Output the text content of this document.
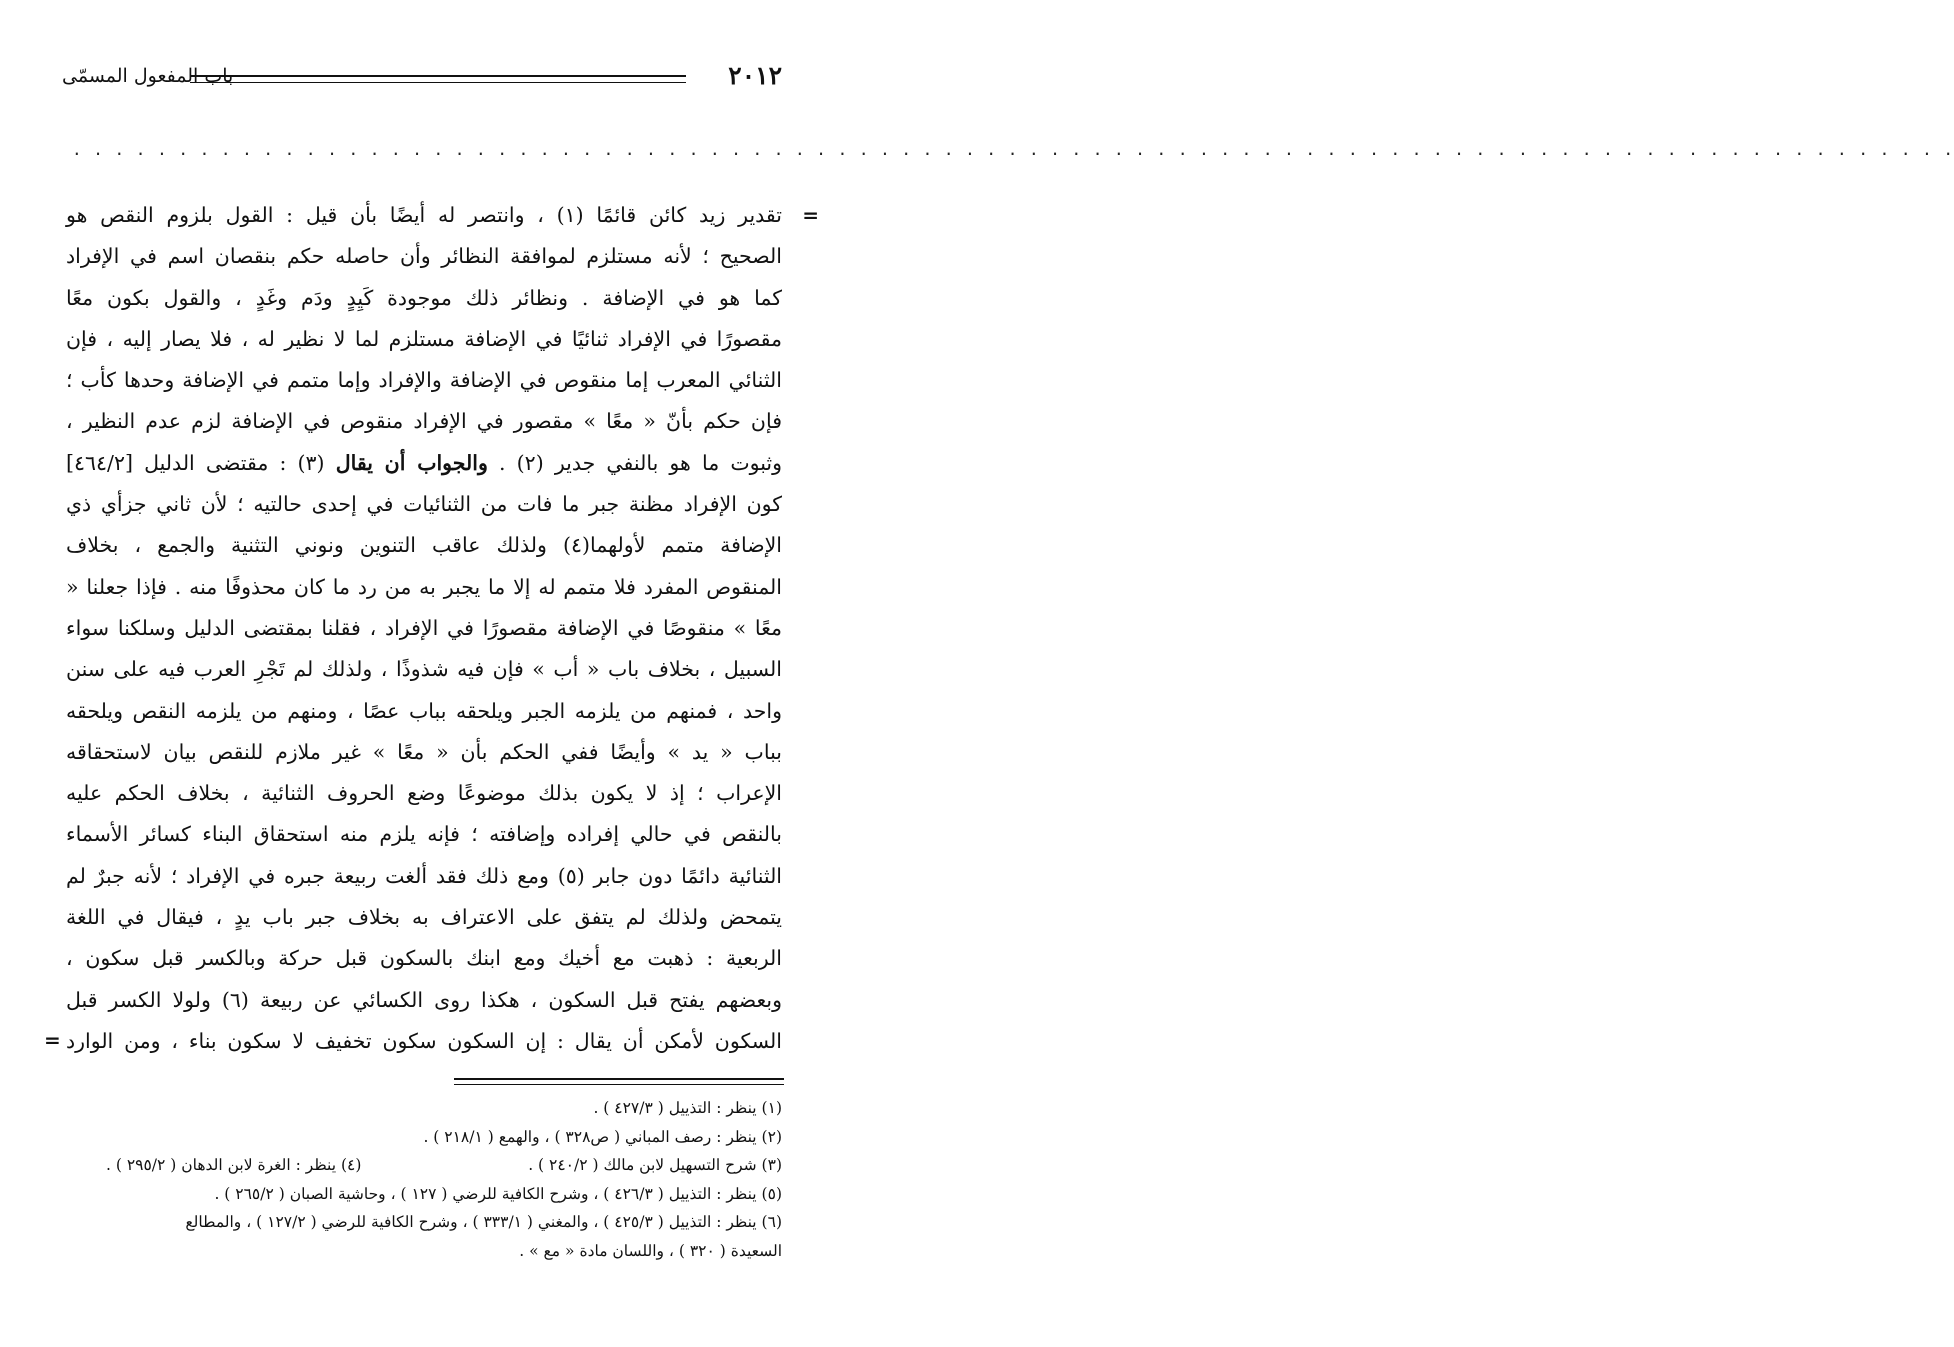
٢٠١٢
باب المفعول المسمّى
. . . . . . . . . . . . . . . . . . . . . . . . . . . . . . . . . . . . . . . . . . . . . . . . . . . . . . . . . . . . . . . . . . . . . . . . . . . . . . . . . . . . . . . . .
=
تقدير زيد كائن قائمًا (١) ، وانتصر له أيضًا بأن قيل : القول بلزوم النقص هو
الصحيح ؛ لأنه مستلزم لموافقة النظائر وأن حاصله حكم بنقصان اسم في الإفراد
كما هو في الإضافة . ونظائر ذلك موجودة كَيِدٍ ودَم وغَدٍ ، والقول بكون معًا
مقصورًا في الإفراد ثنائيًا في الإضافة مستلزم لما لا نظير له ، فلا يصار إليه ، فإن
الثنائي المعرب إما منقوص في الإضافة والإفراد وإما متمم في الإضافة وحدها كأب ؛
فإن حكم بأنّ « معًا » مقصور في الإفراد منقوص في الإضافة لزم عدم النظير ،
وثبوت ما هو بالنفي جدير (٢) . والجواب أن يقال (٣) : مقتضى الدليل [٤٦٤/٢]
كون الإفراد مظنة جبر ما فات من الثنائيات في إحدى حالتيه ؛ لأن ثاني جزأي ذي
الإضافة متمم لأولهما(٤) ولذلك عاقب التنوين ونوني التثنية والجمع ، بخلاف
المنقوص المفرد فلا متمم له إلا ما يجبر به من رد ما كان محذوفًا منه . فإذا جعلنا «
معًا » منقوصًا في الإضافة مقصورًا في الإفراد ، فقلنا بمقتضى الدليل وسلكنا سواء
السبيل ، بخلاف باب « أب » فإن فيه شذوذًا ، ولذلك لم تَجْرِ العرب فيه على سنن
واحد ، فمنهم من يلزمه الجبر ويلحقه بباب عصًا ، ومنهم من يلزمه النقص ويلحقه
بباب « يد » وأيضًا ففي الحكم بأن « معًا » غير ملازم للنقص بيان لاستحقاقه
الإعراب ؛ إذ لا يكون بذلك موضوعًا وضع الحروف الثنائية ، بخلاف الحكم عليه
بالنقص في حالي إفراده وإضافته ؛ فإنه يلزم منه استحقاق البناء كسائر الأسماء
الثنائية دائمًا دون جابر (٥) ومع ذلك فقد ألغت ربيعة جبره في الإفراد ؛ لأنه جبرٌ لم
يتمحض ولذلك لم يتفق على الاعتراف به بخلاف جبر باب يدٍ ، فيقال في اللغة
الربعية : ذهبت مع أخيك ومع ابنك بالسكون قبل حركة وبالكسر قبل سكون ،
وبعضهم يفتح قبل السكون ، هكذا روى الكسائي عن ربيعة (٦) ولولا الكسر قبل
السكون لأمكن أن يقال : إن السكون سكون تخفيف لا سكون بناء ، ومن الوارد
=
(١) ينظر : التذييل ( ٤٢٧/٣ ) .
(٢) ينظر : رصف المباني ( ص٣٢٨ ) ، والهمع ( ٢١٨/١ ) .
(٣) شرح التسهيل لابن مالك ( ٢٤٠/٢ ) .
(٤) ينظر : الغرة لابن الدهان ( ٢٩٥/٢ ) .
(٥) ينظر : التذييل ( ٤٢٦/٣ ) ، وشرح الكافية للرضي ( ١٢٧ ) ، وحاشية الصبان ( ٢٦٥/٢ ) .
(٦) ينظر : التذييل ( ٤٢٥/٣ ) ، والمغني ( ٣٣٣/١ ) ، وشرح الكافية للرضي ( ١٢٧/٢ ) ، والمطالع
السعيدة ( ٣٢٠ ) ، واللسان مادة « مع » .
